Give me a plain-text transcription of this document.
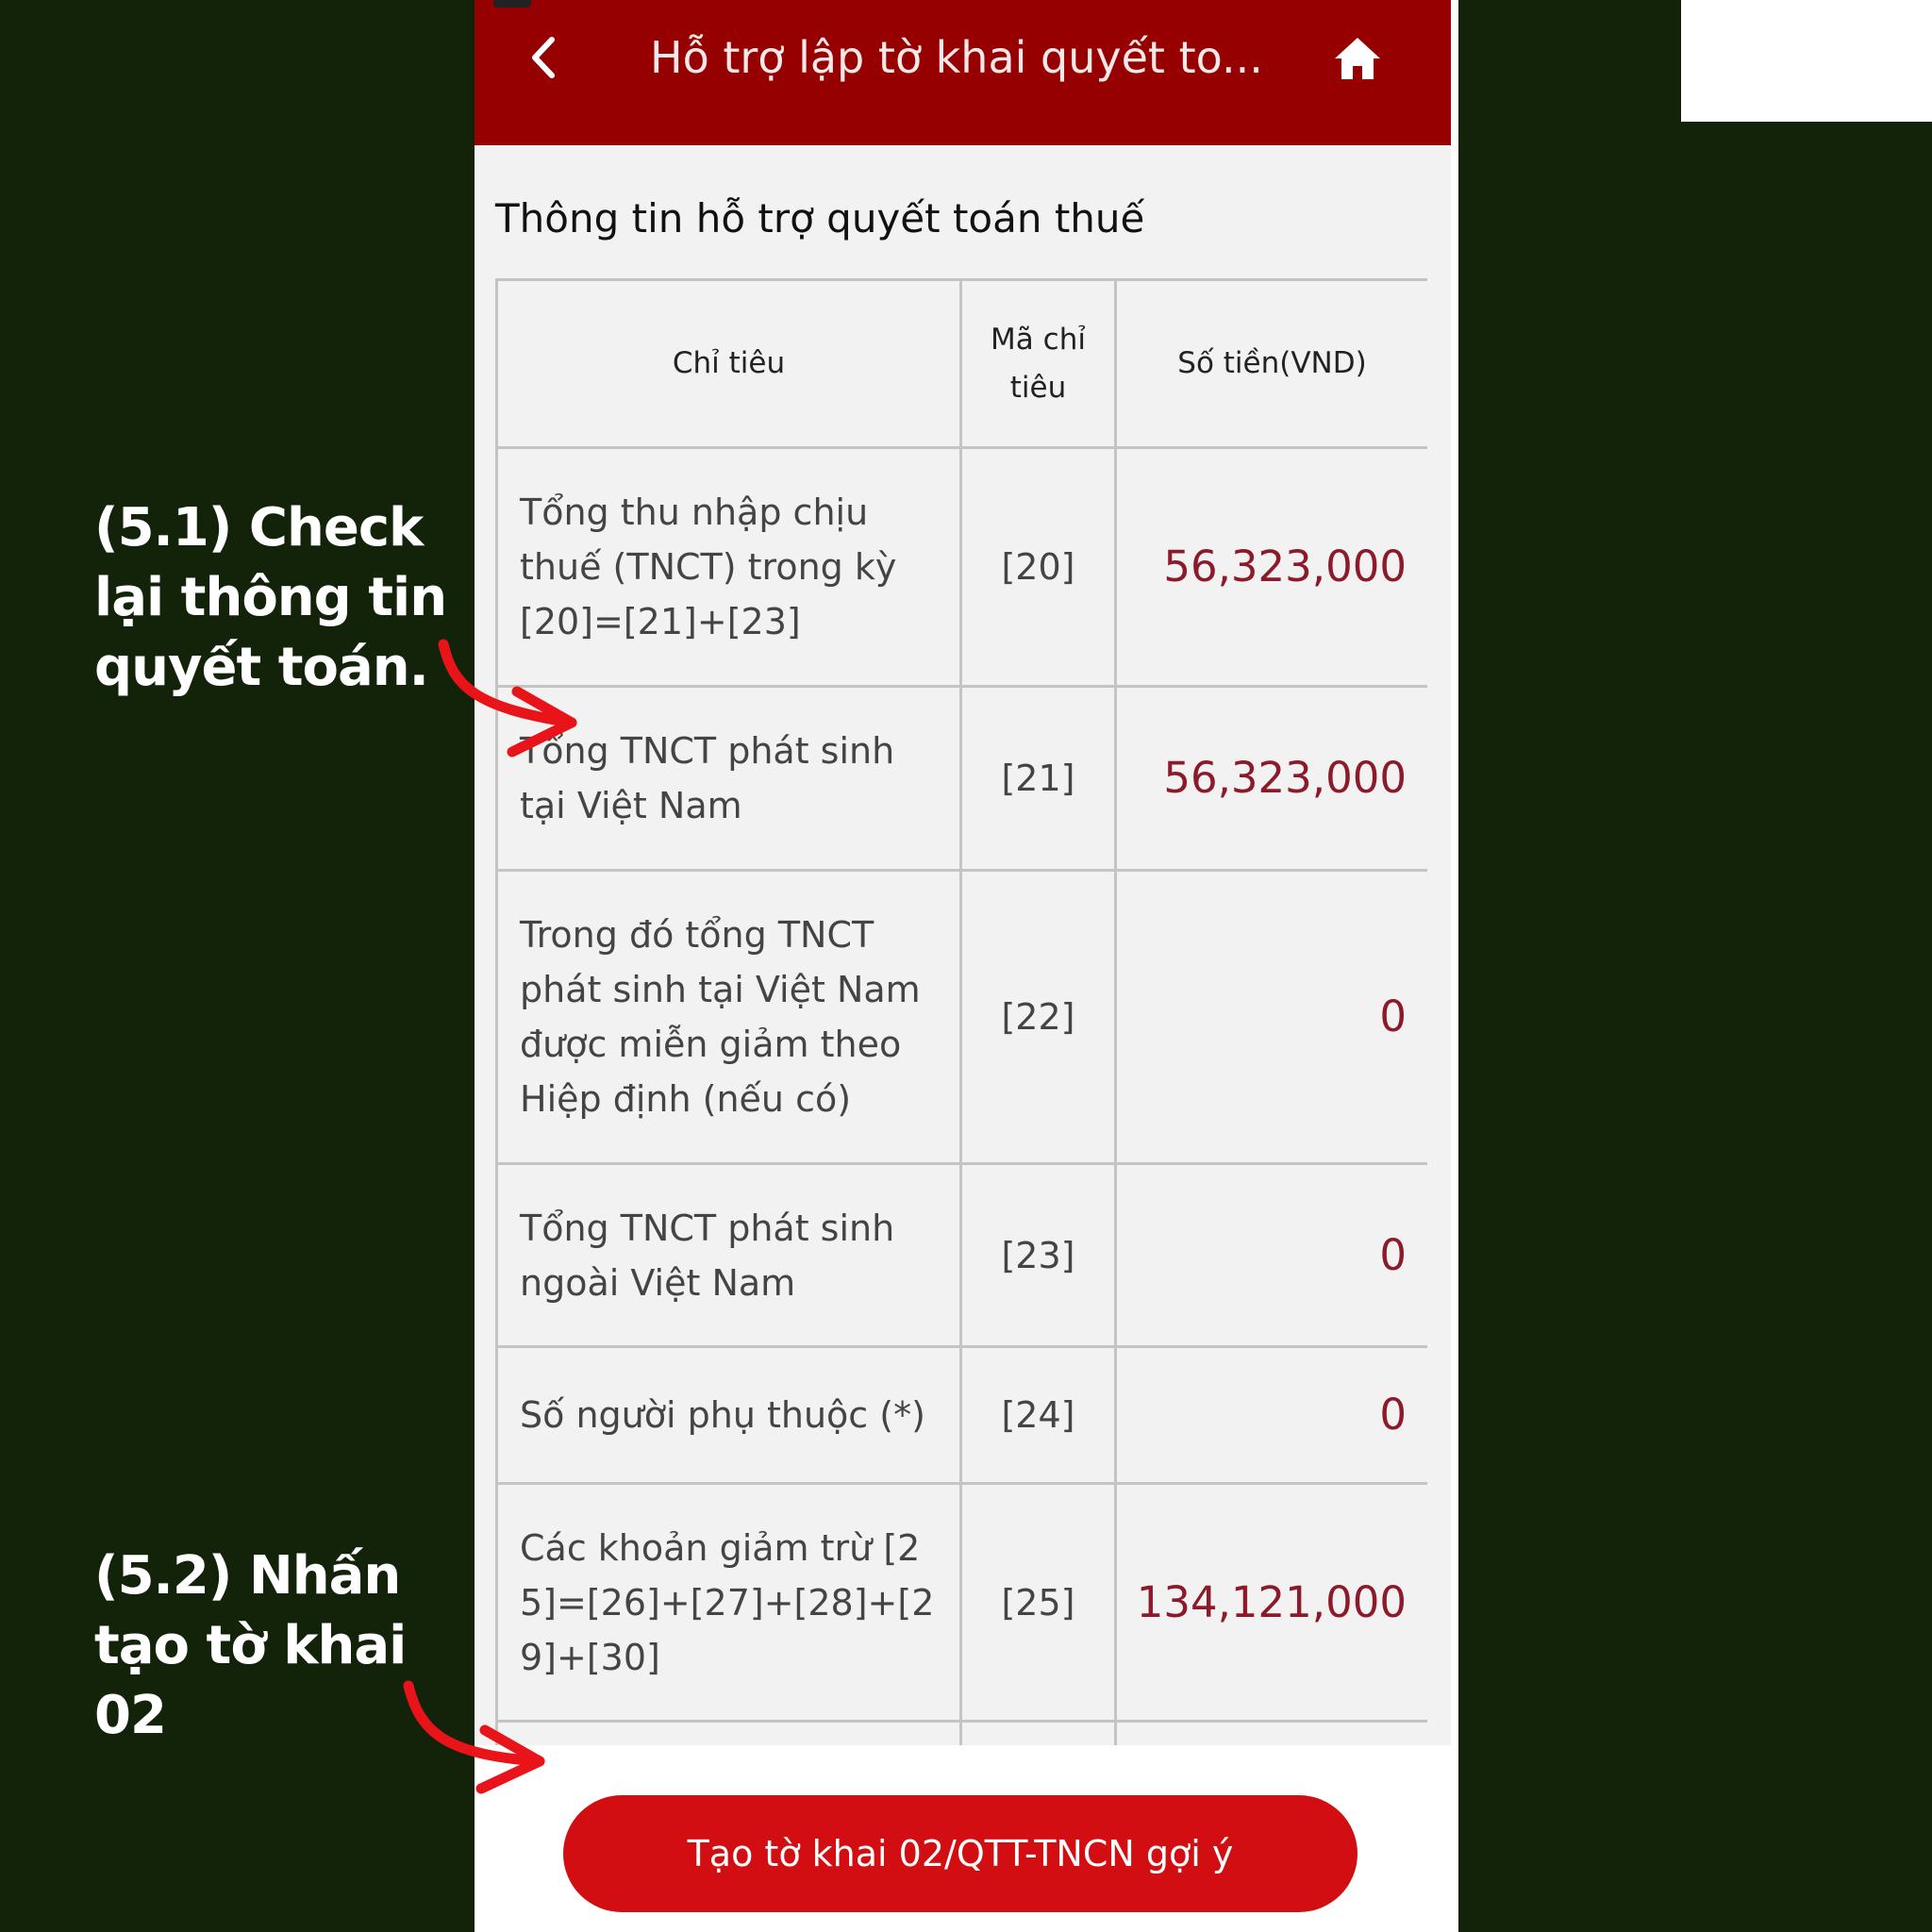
(5.1) Check
lại thông tin
quyết toán.
(5.2) Nhấn
tạo tờ khai
02
Hỗ trợ lập tờ khai quyết to...
Thông tin hỗ trợ quyết toán thuế
Chỉ tiêu	Mã chỉ tiêu	Số tiền(VND)
Tổng thu nhập chịu thuế (TNCT) trong kỳ [20]=[21]+[23]	[20]	56,323,000
Tổng TNCT phát sinh tại Việt Nam	[21]	56,323,000
Trong đó tổng TNCT phát sinh tại Việt Nam được miễn giảm theo Hiệp định (nếu có)	[22]	0
Tổng TNCT phát sinh ngoài Việt Nam	[23]	0
Số người phụ thuộc (*)	[24]	0
Các khoản giảm trừ [25]=[26]+[27]+[28]+[29]+[30]	[25]	134,121,000

Tạo tờ khai 02/QTT-TNCN gợi ý
